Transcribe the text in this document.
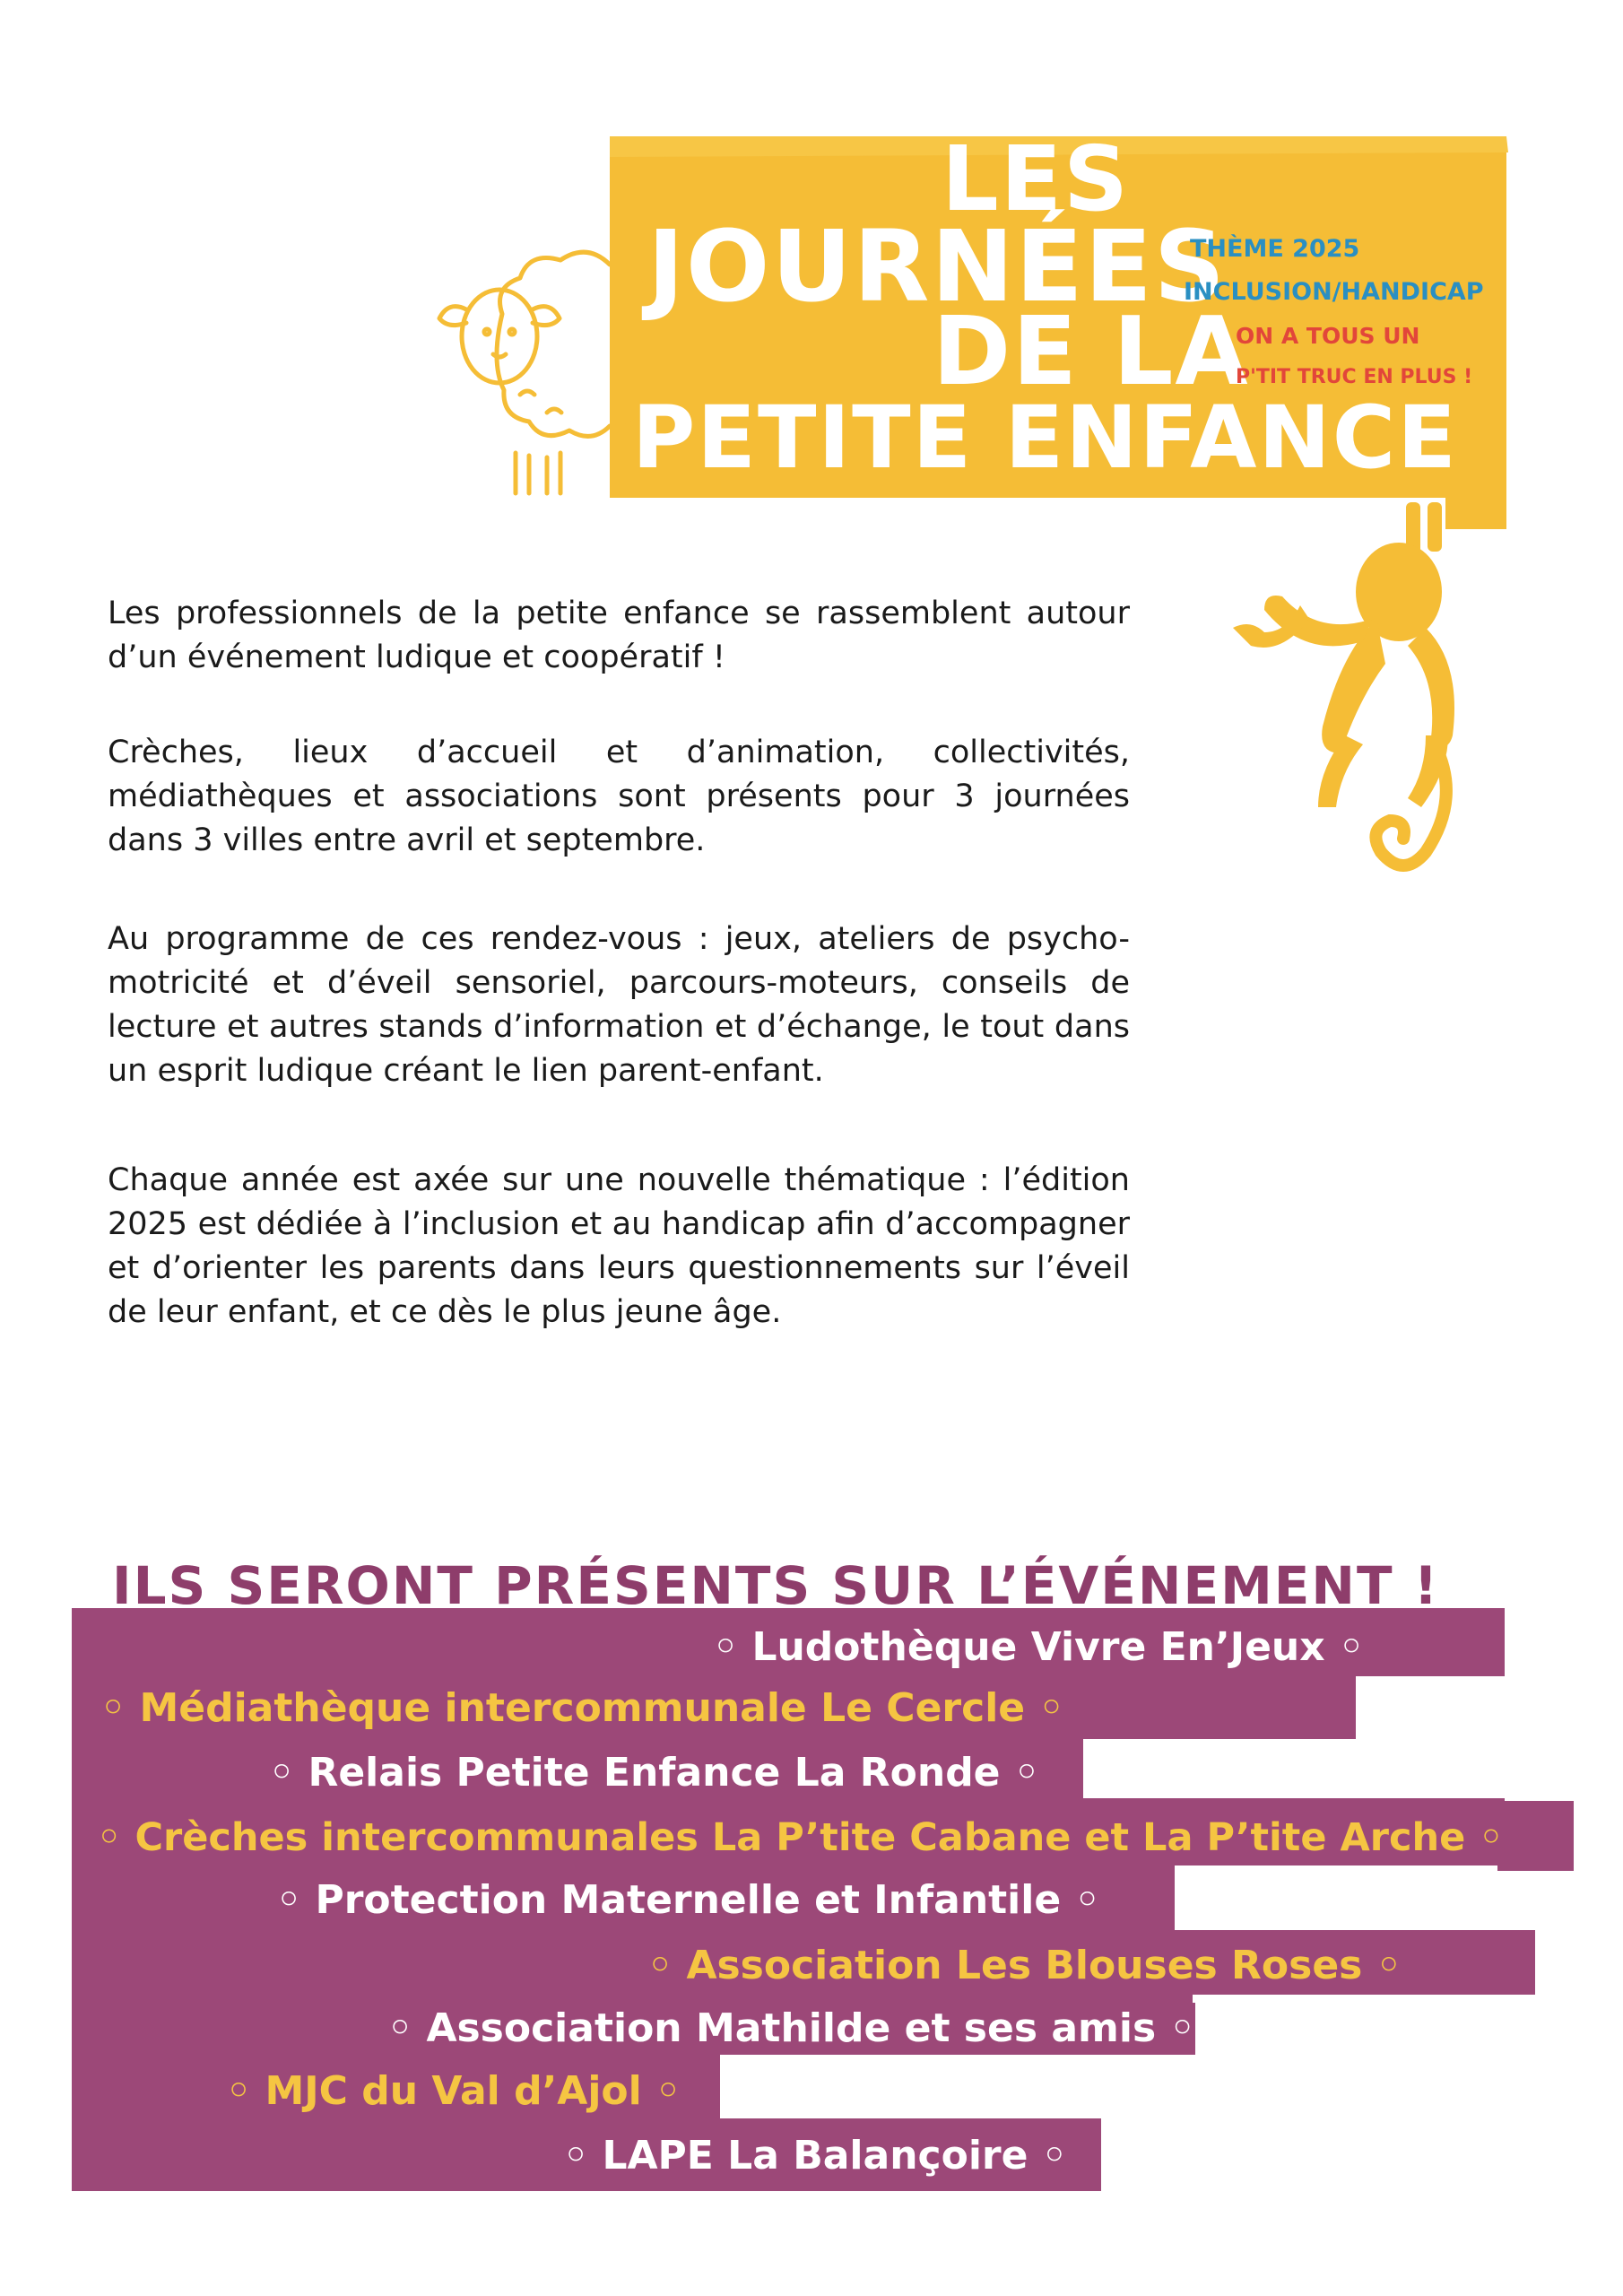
LES
JOURNÉES
DE LA
PETITE ENFANCE
THÈME 2025
INCLUSION/HANDICAP
ON A TOUS UN
P'TIT TRUC EN PLUS !

Les professionnels de la petite enfance se rassemblent autour d’un événement ludique et coopératif !

Crèches, lieux d’accueil et d’animation, collectivités, médiathèques et associations sont présents pour 3 journées dans 3 villes entre avril et septembre.

Au programme de ces rendez-vous : jeux, ateliers de psycho-motricité et d’éveil sensoriel, parcours-moteurs, conseils de lecture et autres stands d’information et d’échange, le tout dans un esprit ludique créant le lien parent-enfant.

Chaque année est axée sur une nouvelle thématique : l’édition 2025 est dédiée à l’inclusion et au handicap afin d’accompagner et d’orienter les parents dans leurs questionnements sur l’éveil de leur enfant, et ce dès le plus jeune âge.

ILS SERONT PRÉSENTS SUR L’ÉVÉNEMENT !
◦ Ludothèque Vivre En’Jeux ◦
◦ Médiathèque intercommunale Le Cercle ◦
◦ Relais Petite Enfance La Ronde ◦
◦ Crèches intercommunales La P’tite Cabane et La P’tite Arche ◦
◦ Protection Maternelle et Infantile ◦
◦ Association Les Blouses Roses ◦
◦ Association Mathilde et ses amis ◦
◦ MJC du Val d’Ajol ◦
◦ LAPE La Balançoire ◦
